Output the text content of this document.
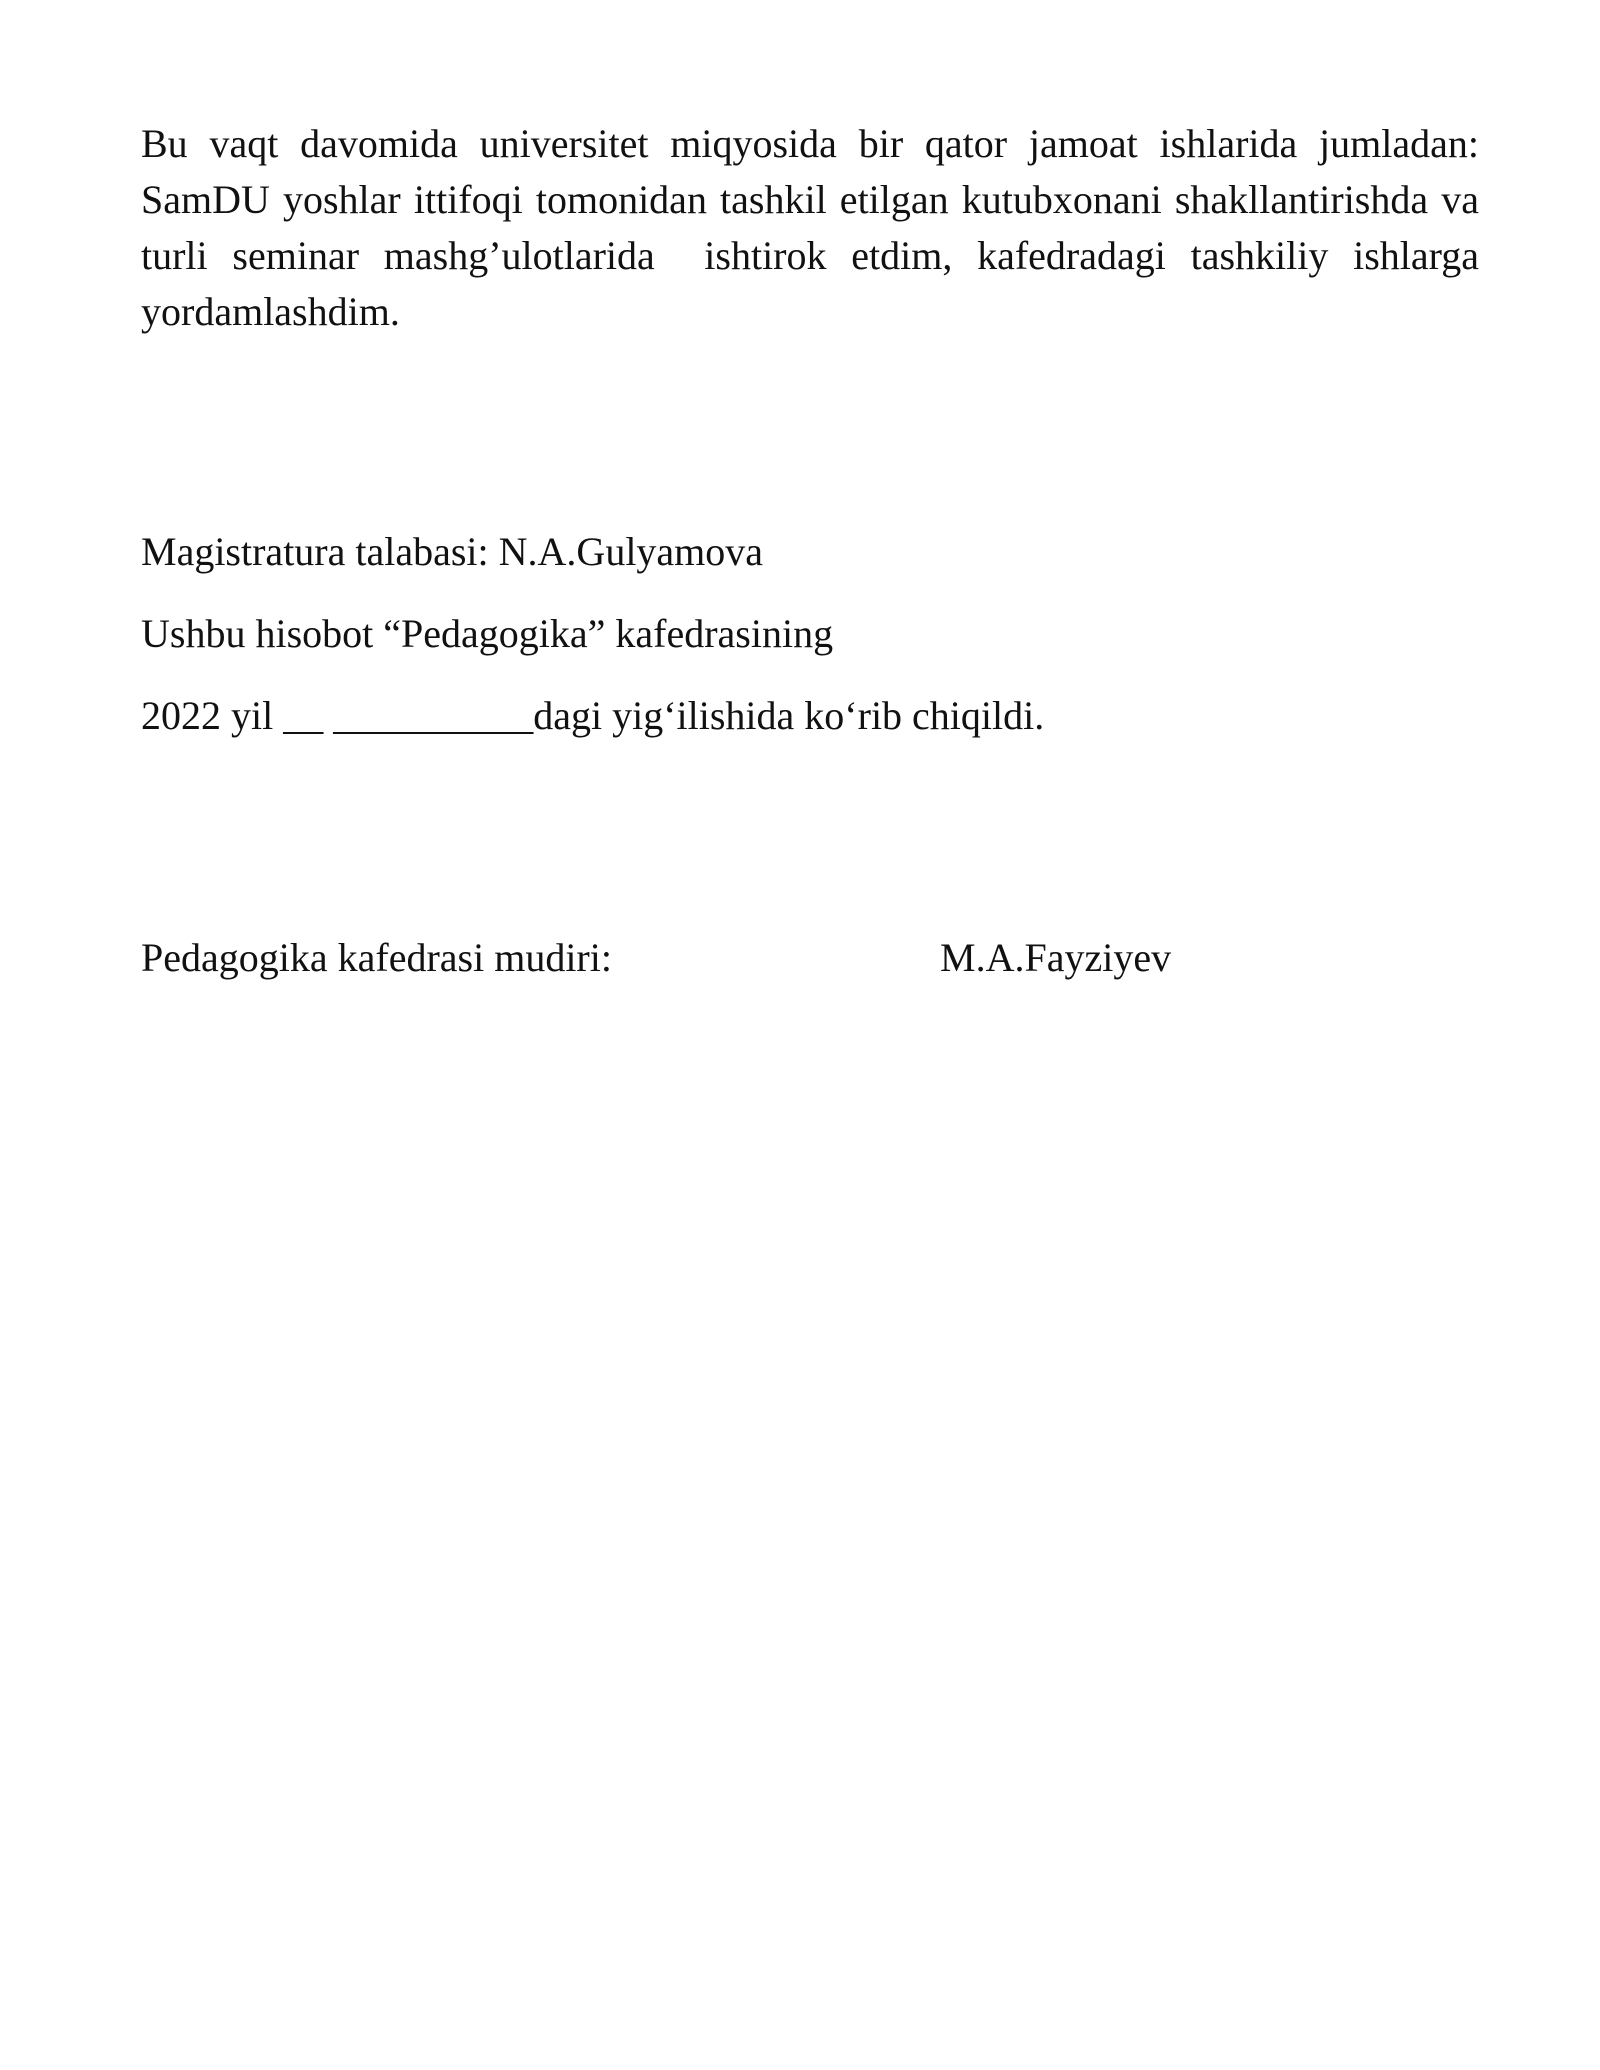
Bu vaqt davomida universitet miqyosida bir qator jamoat ishlarida jumladan: SamDU yoshlar ittifoqi tomonidan tashkil etilgan kutubxonani shakllantirishda va turli seminar mashg’ulotlarida  ishtirok etdim, kafedradagi tashkiliy ishlarga yordamlashdim.

Magistratura talabasi: N.A.Gulyamova

Ushbu hisobot “Pedagogika” kafedrasining

2022 yil __ __________dagi yig‘ilishida ko‘rib chiqildi.

Pedagogika kafedrasi mudiri:	M.A.Fayziyev
